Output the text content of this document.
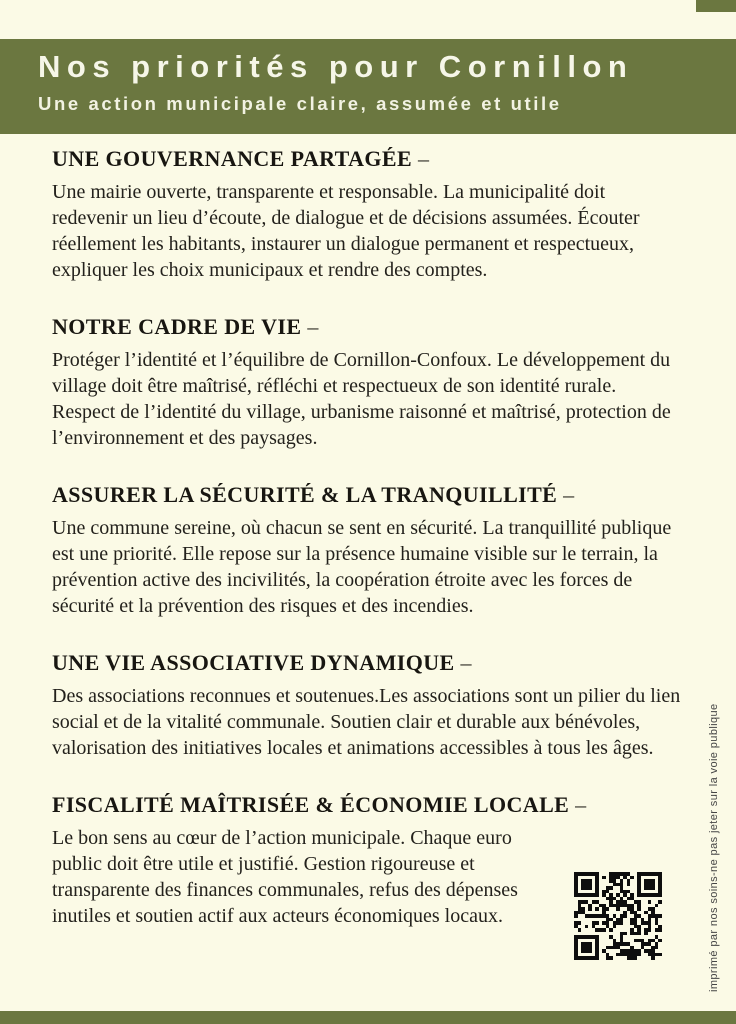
Nos priorités pour Cornillon
Une action municipale claire, assumée et utile
UNE GOUVERNANCE PARTAGÉE –

Une mairie ouverte, transparente et responsable. La municipalité doit redevenir un lieu d’écoute, de dialogue et de décisions assumées. Écouter réellement les habitants, instaurer un dialogue permanent et respectueux, expliquer les choix municipaux et rendre des comptes.

NOTRE CADRE DE VIE –

Protéger l’identité et l’équilibre de Cornillon-Confoux. Le développement du village doit être maîtrisé, réfléchi et respectueux de son identité rurale. Respect de l’identité du village, urbanisme raisonné et maîtrisé, protection de l’environnement et des paysages.

ASSURER LA SÉCURITÉ & LA TRANQUILLITÉ –

Une commune sereine, où chacun se sent en sécurité. La tranquillité publique est une priorité. Elle repose sur la présence humaine visible sur le terrain, la prévention active des incivilités, la coopération étroite avec les forces de sécurité et la prévention des risques et des incendies.

UNE VIE ASSOCIATIVE DYNAMIQUE –

Des associations reconnues et soutenues.Les associations sont un pilier du lien social et de la vitalité communale. Soutien clair et durable aux bénévoles, valorisation des initiatives locales et animations accessibles à tous les âges.

FISCALITÉ MAÎTRISÉE & ÉCONOMIE LOCALE –

Le bon sens au cœur de l’action municipale. Chaque euro public doit être utile et justifié. Gestion rigoureuse et transparente des finances communales, refus des dépenses inutiles et soutien actif aux acteurs économiques locaux.	imprimé par nos soins-ne pas jeter sur la voie publique
